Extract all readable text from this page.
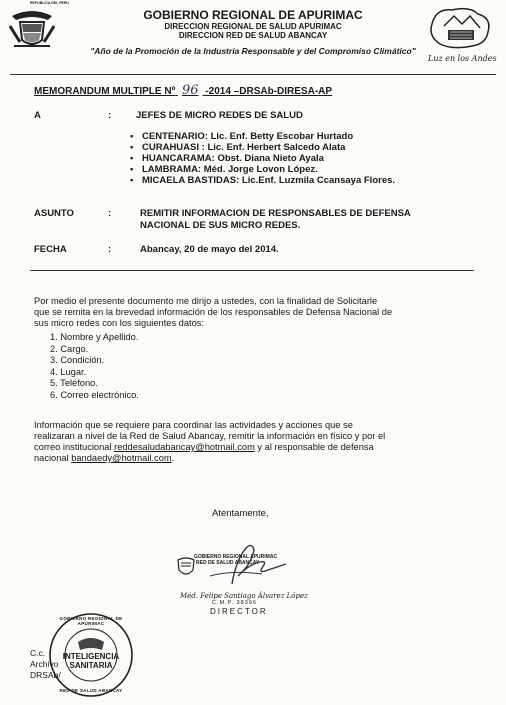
REPUBLICA DEL PERU
Luz en los Andes
GOBIERNO REGIONAL DE APURIMAC
DIRECCION REGIONAL DE SALUD APURIMAC
DIRECCION RED DE SALUD ABANCAY
"Año de la Promoción de la Industria Responsable y del Compromiso Climático"
MEMORANDUM MULTIPLE Nº 96 -2014 –DRSAb-DIRESA-AP
A	:	JEFES DE MICRO REDES DE SALUD
• CENTENARIO: Lic. Enf. Betty Escobar Hurtado
• CURAHUASI : Lic. Enf. Herbert Salcedo Alata
• HUANCARAMA: Obst. Diana Nieto Ayala
• LAMBRAMA: Méd. Jorge Lovon López.
• MICAELA BASTIDAS: Lic.Enf. Luzmila Ccansaya Flores.
ASUNTO	:	REMITIR INFORMACION DE RESPONSABLES DE DEFENSA
NACIONAL DE SUS MICRO REDES.
FECHA	:	Abancay, 20 de mayo del 2014.
Por medio el presente documento me dirijo a ustedes, con la finalidad de Solicitarle
que se remita en la brevedad información de los responsables de Defensa Nacional de
sus micro redes con los siguientes datos:
1. Nombre y Apellido.
2. Cargo.
3. Condición.
4. Lugar.
5. Teléfono.
6. Correo electrónico.
Información que se requiere para coordinar las actividades y acciones que se
realizaran a nivel de la Red de Salud Abancay, remitir la información en físico y por el
correo institucional reddesaludabancay@hotmail.com y al responsable de defensa
nacional bandaedy@hotmail.com.
Atentamente,
GOBIERNO REGIONAL APURIMAC
RED DE SALUD ABANCAY
Méd. Felipe Santiago Álvarez López
C.M.P. 38396
DIRECTOR
C.c.
Archivo
DRSAb/
GOBIERNO REGIONAL DE APURIMAC
INTELIGENCIA SANITARIA
RED DE SALUD ABANCAY
